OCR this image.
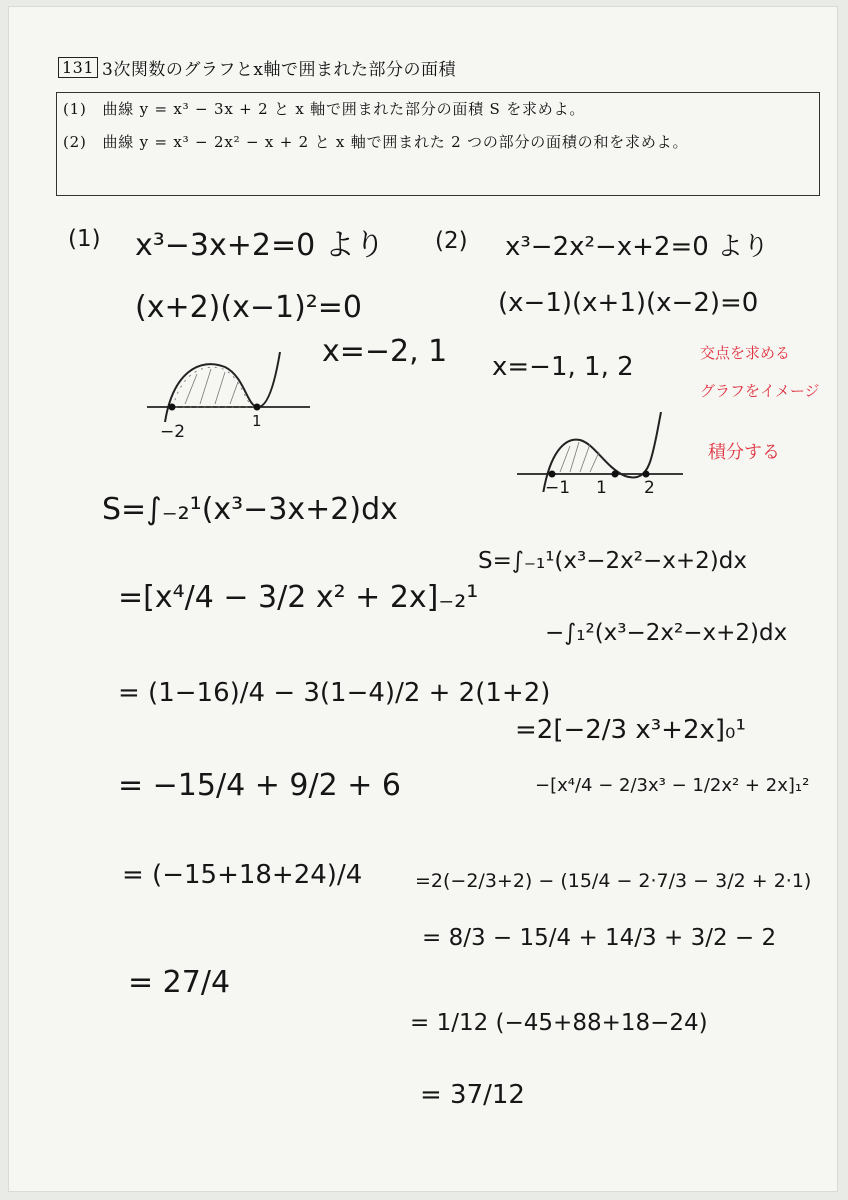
131 3次関数のグラフとx軸で囲まれた部分の面積
(1)　曲線 y = x³ − 3x + 2 と x 軸で囲まれた部分の面積 S を求めよ。
(2)　曲線 y = x³ − 2x² − x + 2 と x 軸で囲まれた 2 つの部分の面積の和を求めよ。
(1) x³−3x+2=0 より
(x+2)(x−1)²=0
x=−2, 1
−2
1
S=∫₋₂¹(x³−3x+2)dx
=[x⁴/4 − 3/2 x² + 2x]₋₂¹
= (1−16)/4 − 3(1−4)/2 + 2(1+2)
= −15/4 + 9/2 + 6
= (−15+18+24)/4
= 27/4
(2) x³−2x²−x+2=0 より
(x−1)(x+1)(x−2)=0
x=−1, 1, 2	交点を求める
グラフをイメージ
積分する
−1 1 2
S=∫₋₁¹(x³−2x²−x+2)dx
−∫₁²(x³−2x²−x+2)dx
=2[−2/3 x³+2x]₀¹
−[x⁴/4 − 2/3x³ − 1/2x² + 2x]₁²
=2(−2/3+2) − (15/4 − 2·7/3 − 3/2 + 2·1)
= 8/3 − 15/4 + 14/3 + 3/2 − 2
= 1/12 (−45+88+18−24)
= 37/12
